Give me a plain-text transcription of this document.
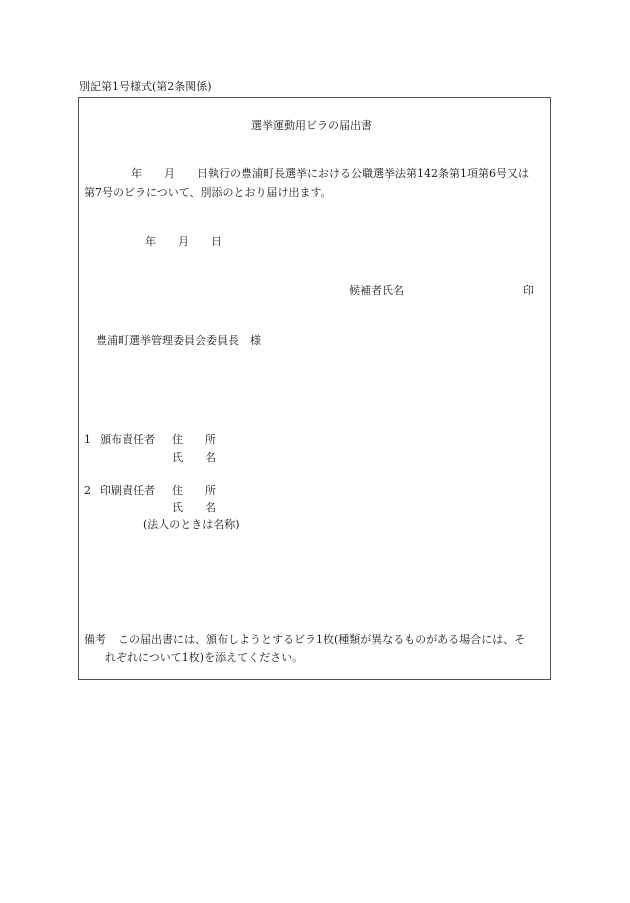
別記第1号様式(第2条関係)
選挙運動用ビラの届出書
年　　月　　日執行の豊浦町長選挙における公職選挙法第142条第1項第6号又は
第7号のビラについて、別添のとおり届け出ます。
年　　月　　日
候補者氏名	印
豊浦町選挙管理委員会委員長　様
1 頒布責任者 住　　所
氏　　名
2 印刷責任者 住　　所
氏　　名
(法人のときは名称)
備考 この届出書には、頒布しようとするビラ1枚(種類が異なるものがある場合には、そ
れぞれについて1枚)を添えてください。
